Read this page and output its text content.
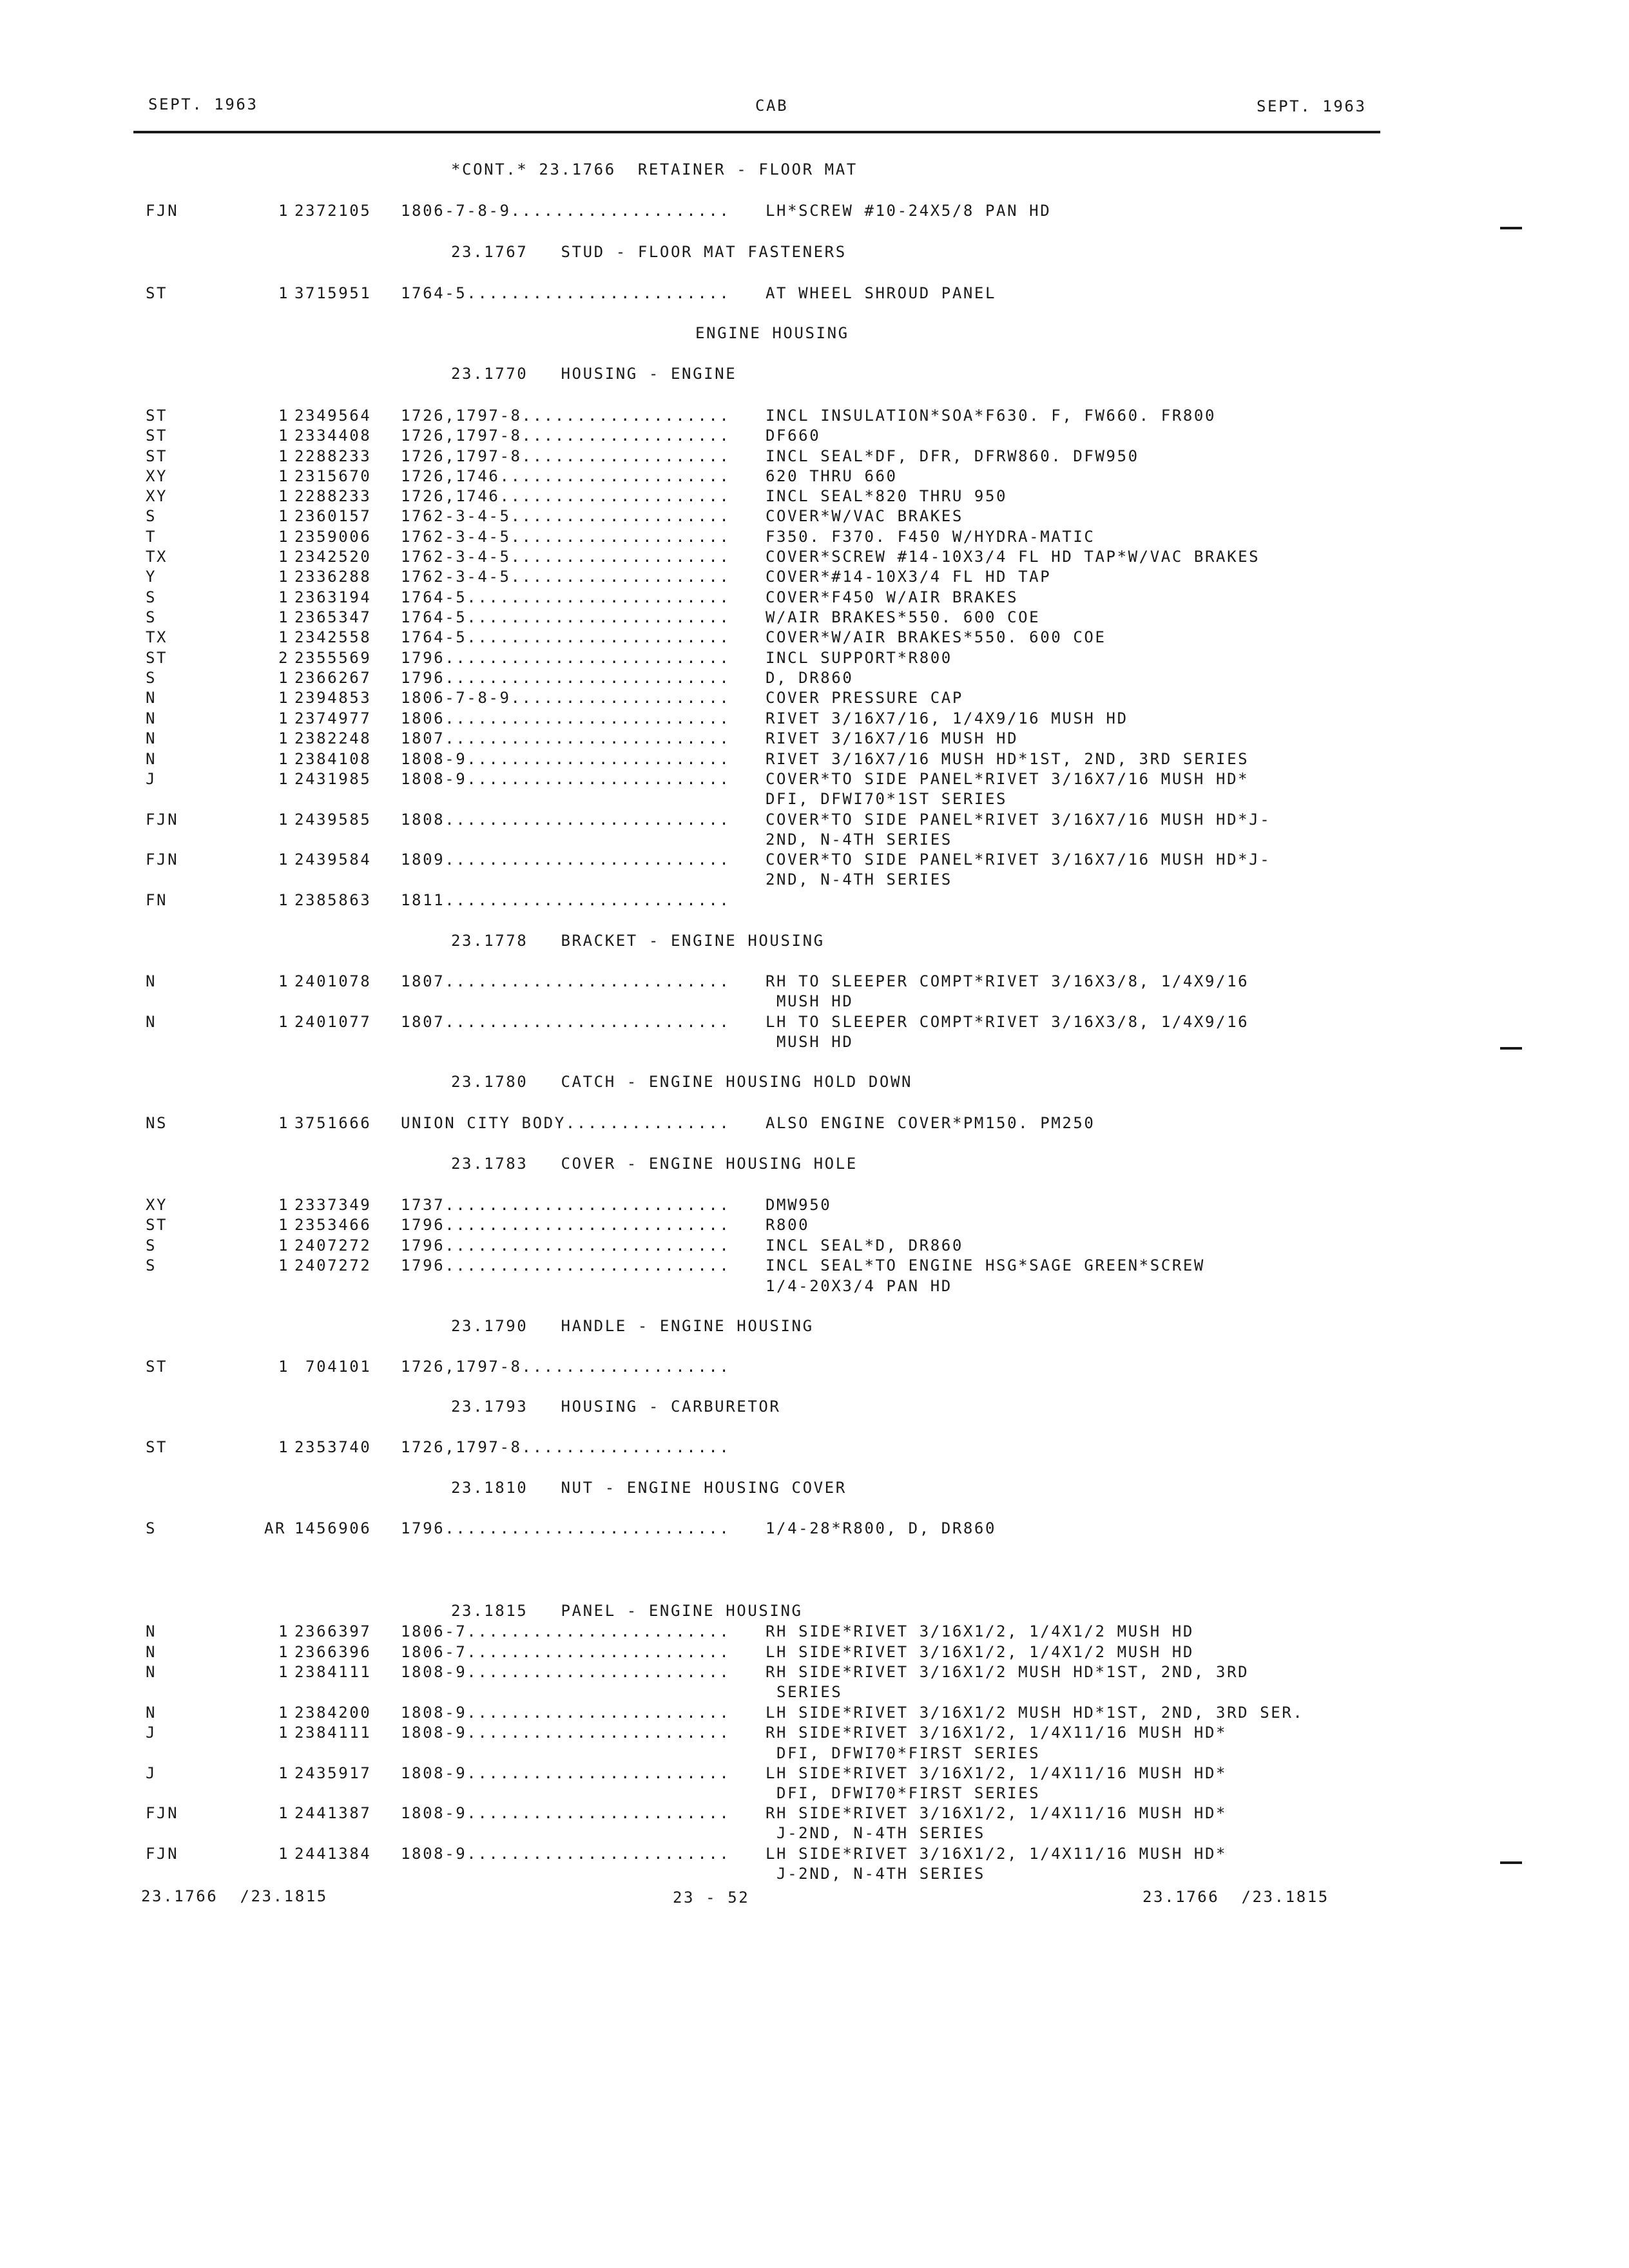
SEPT. 1963	CAB	SEPT. 1963
*CONT.* 23.1766  RETAINER - FLOOR MAT
FJN	1 2372105 1806-7-8-9.................... LH*SCREW #10-24X5/8 PAN HD
23.1767   STUD - FLOOR MAT FASTENERS
ST	1 3715951 1764-5........................ AT WHEEL SHROUD PANEL
ENGINE HOUSING
23.1770   HOUSING - ENGINE
ST	1 2349564 1726,1797-8................... INCL INSULATION*SOA*F630. F, FW660. FR800
ST	1 2334408 1726,1797-8................... DF660
ST	1 2288233 1726,1797-8................... INCL SEAL*DF, DFR, DFRW860. DFW950
XY	1 2315670 1726,1746..................... 620 THRU 660
XY	1 2288233 1726,1746..................... INCL SEAL*820 THRU 950
S	1 2360157 1762-3-4-5.................... COVER*W/VAC BRAKES
T	1 2359006 1762-3-4-5.................... F350. F370. F450 W/HYDRA-MATIC
TX	1 2342520 1762-3-4-5.................... COVER*SCREW #14-10X3/4 FL HD TAP*W/VAC BRAKES
Y	1 2336288 1762-3-4-5.................... COVER*#14-10X3/4 FL HD TAP
S	1 2363194 1764-5........................ COVER*F450 W/AIR BRAKES
S	1 2365347 1764-5........................ W/AIR BRAKES*550. 600 COE
TX	1 2342558 1764-5........................ COVER*W/AIR BRAKES*550. 600 COE
ST	2 2355569 1796.......................... INCL SUPPORT*R800
S	1 2366267 1796.......................... D, DR860
N	1 2394853 1806-7-8-9.................... COVER PRESSURE CAP
N	1 2374977 1806.......................... RIVET 3/16X7/16, 1/4X9/16 MUSH HD
N	1 2382248 1807.......................... RIVET 3/16X7/16 MUSH HD
N	1 2384108 1808-9........................ RIVET 3/16X7/16 MUSH HD*1ST, 2ND, 3RD SERIES
J	1 2431985 1808-9........................ COVER*TO SIDE PANEL*RIVET 3/16X7/16 MUSH HD*
DFI, DFWI70*1ST SERIES
FJN	1 2439585 1808.......................... COVER*TO SIDE PANEL*RIVET 3/16X7/16 MUSH HD*J-
2ND, N-4TH SERIES
FJN	1 2439584 1809.......................... COVER*TO SIDE PANEL*RIVET 3/16X7/16 MUSH HD*J-
2ND, N-4TH SERIES
FN	1 2385863 1811..........................
23.1778   BRACKET - ENGINE HOUSING
N	1 2401078 1807.......................... RH TO SLEEPER COMPT*RIVET 3/16X3/8, 1/4X9/16
MUSH HD
N	1 2401077 1807.......................... LH TO SLEEPER COMPT*RIVET 3/16X3/8, 1/4X9/16
MUSH HD
23.1780   CATCH - ENGINE HOUSING HOLD DOWN
NS	1 3751666 UNION CITY BODY............... ALSO ENGINE COVER*PM150. PM250
23.1783   COVER - ENGINE HOUSING HOLE
XY	1 2337349 1737.......................... DMW950
ST	1 2353466 1796.......................... R800
S	1 2407272 1796.......................... INCL SEAL*D, DR860
S	1 2407272 1796.......................... INCL SEAL*TO ENGINE HSG*SAGE GREEN*SCREW
1/4-20X3/4 PAN HD
23.1790   HANDLE - ENGINE HOUSING
ST	1 704101 1726,1797-8...................
23.1793   HOUSING - CARBURETOR
ST	1 2353740 1726,1797-8...................
23.1810   NUT - ENGINE HOUSING COVER
S	AR 1456906 1796.......................... 1/4-28*R800, D, DR860
23.1815   PANEL - ENGINE HOUSING
N	1 2366397 1806-7........................ RH SIDE*RIVET 3/16X1/2, 1/4X1/2 MUSH HD
N	1 2366396 1806-7........................ LH SIDE*RIVET 3/16X1/2, 1/4X1/2 MUSH HD
N	1 2384111 1808-9........................ RH SIDE*RIVET 3/16X1/2 MUSH HD*1ST, 2ND, 3RD
SERIES
N	1 2384200 1808-9........................ LH SIDE*RIVET 3/16X1/2 MUSH HD*1ST, 2ND, 3RD SER.
J	1 2384111 1808-9........................ RH SIDE*RIVET 3/16X1/2, 1/4X11/16 MUSH HD*
DFI, DFWI70*FIRST SERIES
J	1 2435917 1808-9........................ LH SIDE*RIVET 3/16X1/2, 1/4X11/16 MUSH HD*
DFI, DFWI70*FIRST SERIES
FJN	1 2441387 1808-9........................ RH SIDE*RIVET 3/16X1/2, 1/4X11/16 MUSH HD*
J-2ND, N-4TH SERIES
FJN	1 2441384 1808-9........................ LH SIDE*RIVET 3/16X1/2, 1/4X11/16 MUSH HD*
J-2ND, N-4TH SERIES
23.1766  /23.1815	23 - 52	23.1766  /23.1815
